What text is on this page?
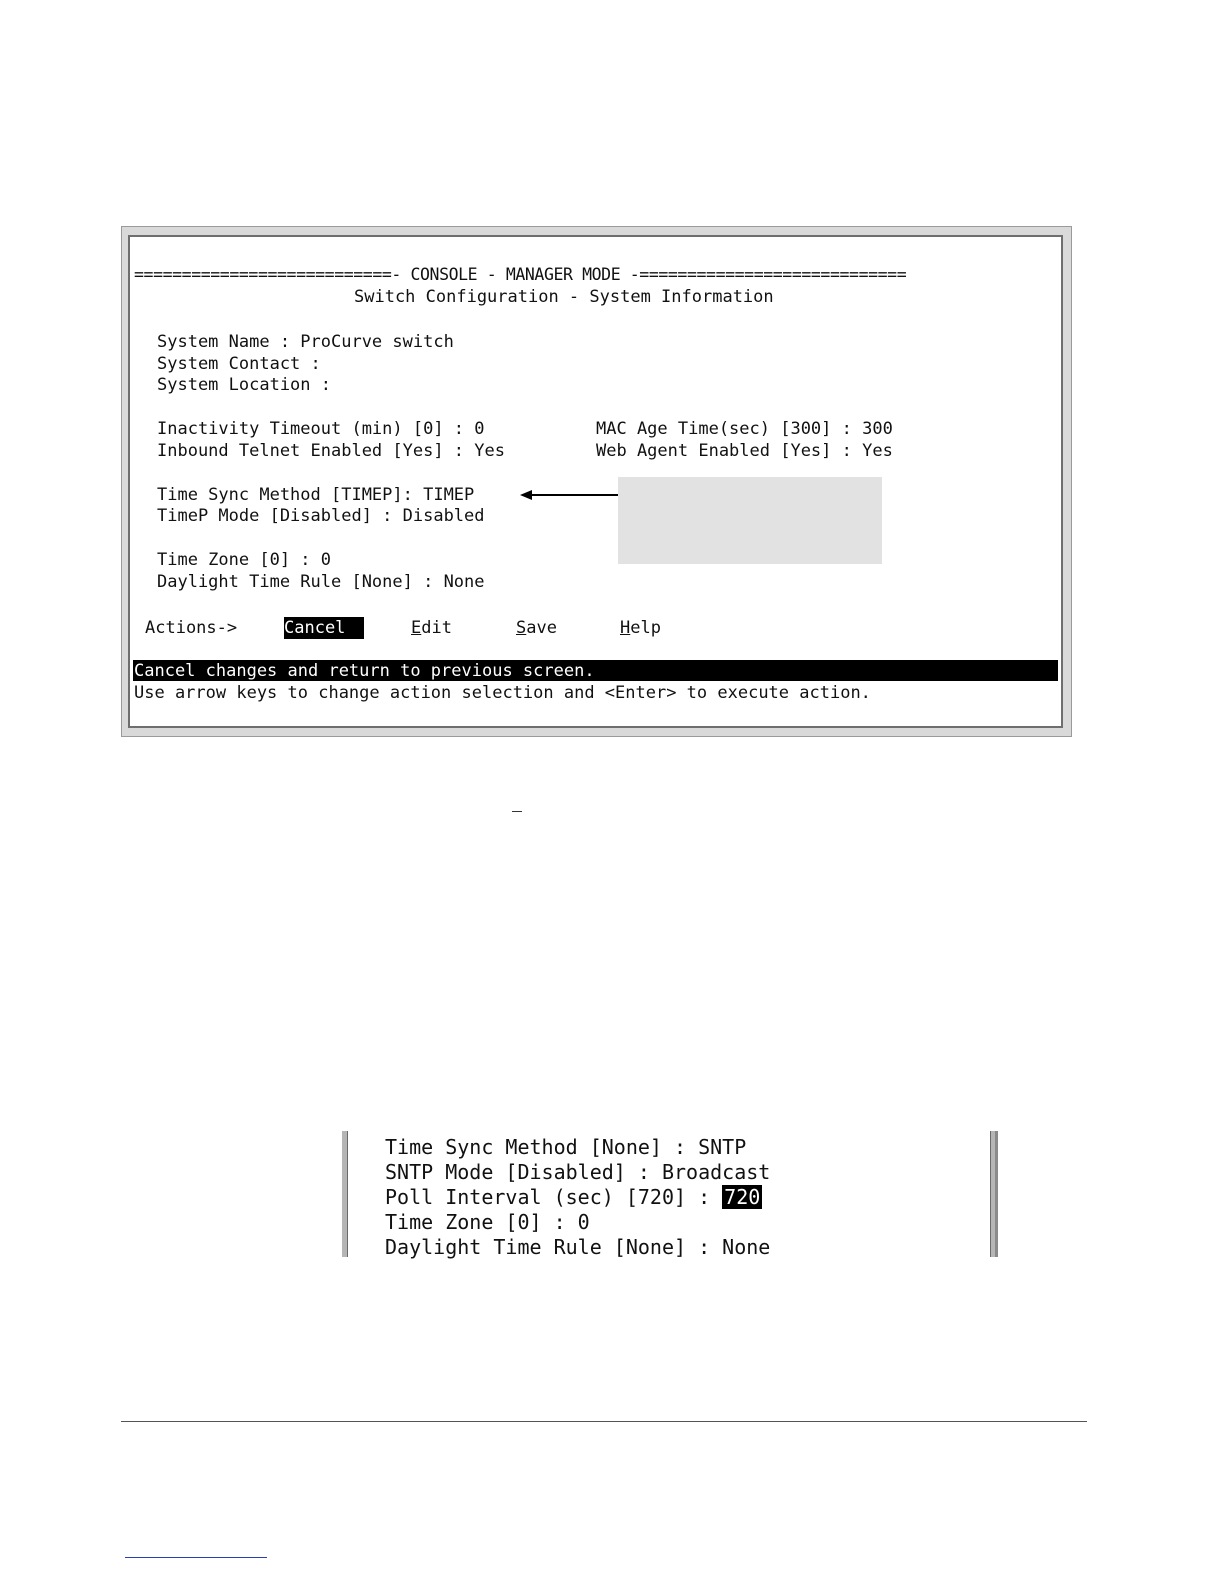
===========================- CONSOLE - MANAGER MODE -============================
Switch Configuration - System Information
System Name : ProCurve switch
System Contact :
System Location :
Inactivity Timeout (min) [0] : 0	MAC Age Time(sec) [300] : 300
Inbound Telnet Enabled [Yes] : Yes	Web Agent Enabled [Yes] : Yes
Time Sync Method [TIMEP]: TIMEP
TimeP Mode [Disabled] : Disabled
Time Zone [0] : 0
Daylight Time Rule [None] : None
Actions->	Cancel	Edit	Save	Help
Cancel changes and return to previous screen.
Use arrow keys to change action selection and <Enter> to execute action.
Time Sync Method [None] : SNTP
SNTP Mode [Disabled] : Broadcast
Poll Interval (sec) [720] : 720
Time Zone [0] : 0
Daylight Time Rule [None] : None
